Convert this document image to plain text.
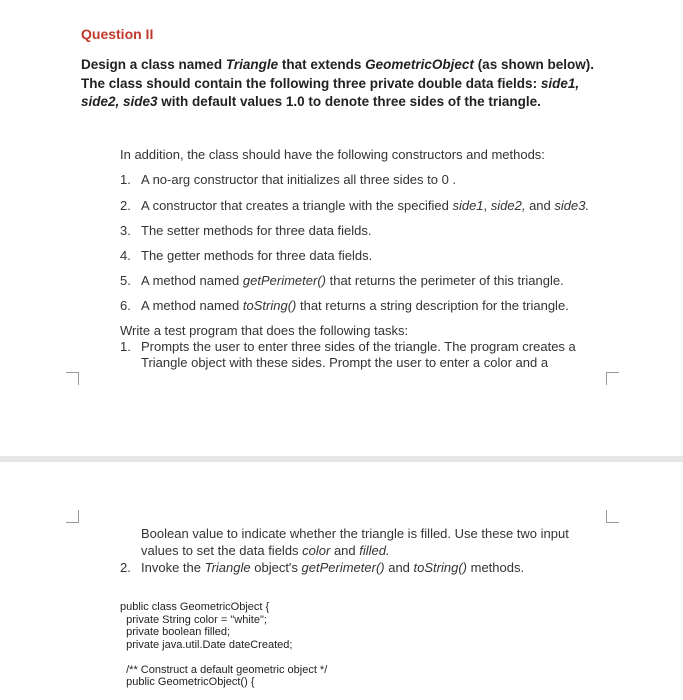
Question II
Design a class named Triangle that extends GeometricObject (as shown below). The class should contain the following three private double data fields: side1, side2, side3 with default values 1.0 to denote three sides of the triangle.
In addition, the class should have the following constructors and methods:
1. A no-arg constructor that initializes all three sides to 0 .
2. A constructor that creates a triangle with the specified side1, side2, and side3.
3. The setter methods for three data fields.
4. The getter methods for three data fields.
5. A method named getPerimeter() that returns the perimeter of this triangle.
6. A method named toString() that returns a string description for the triangle.
Write a test program that does the following tasks:
1. Prompts the user to enter three sides of the triangle. The program creates a Triangle object with these sides. Prompt the user to enter a color and a
Boolean value to indicate whether the triangle is filled. Use these two input values to set the data fields color and filled.
2. Invoke the Triangle object's getPerimeter() and toString() methods.
public class GeometricObject {
private String color = "white";
private boolean filled;
private java.util.Date dateCreated;
/** Construct a default geometric object */
public GeometricObject() {
